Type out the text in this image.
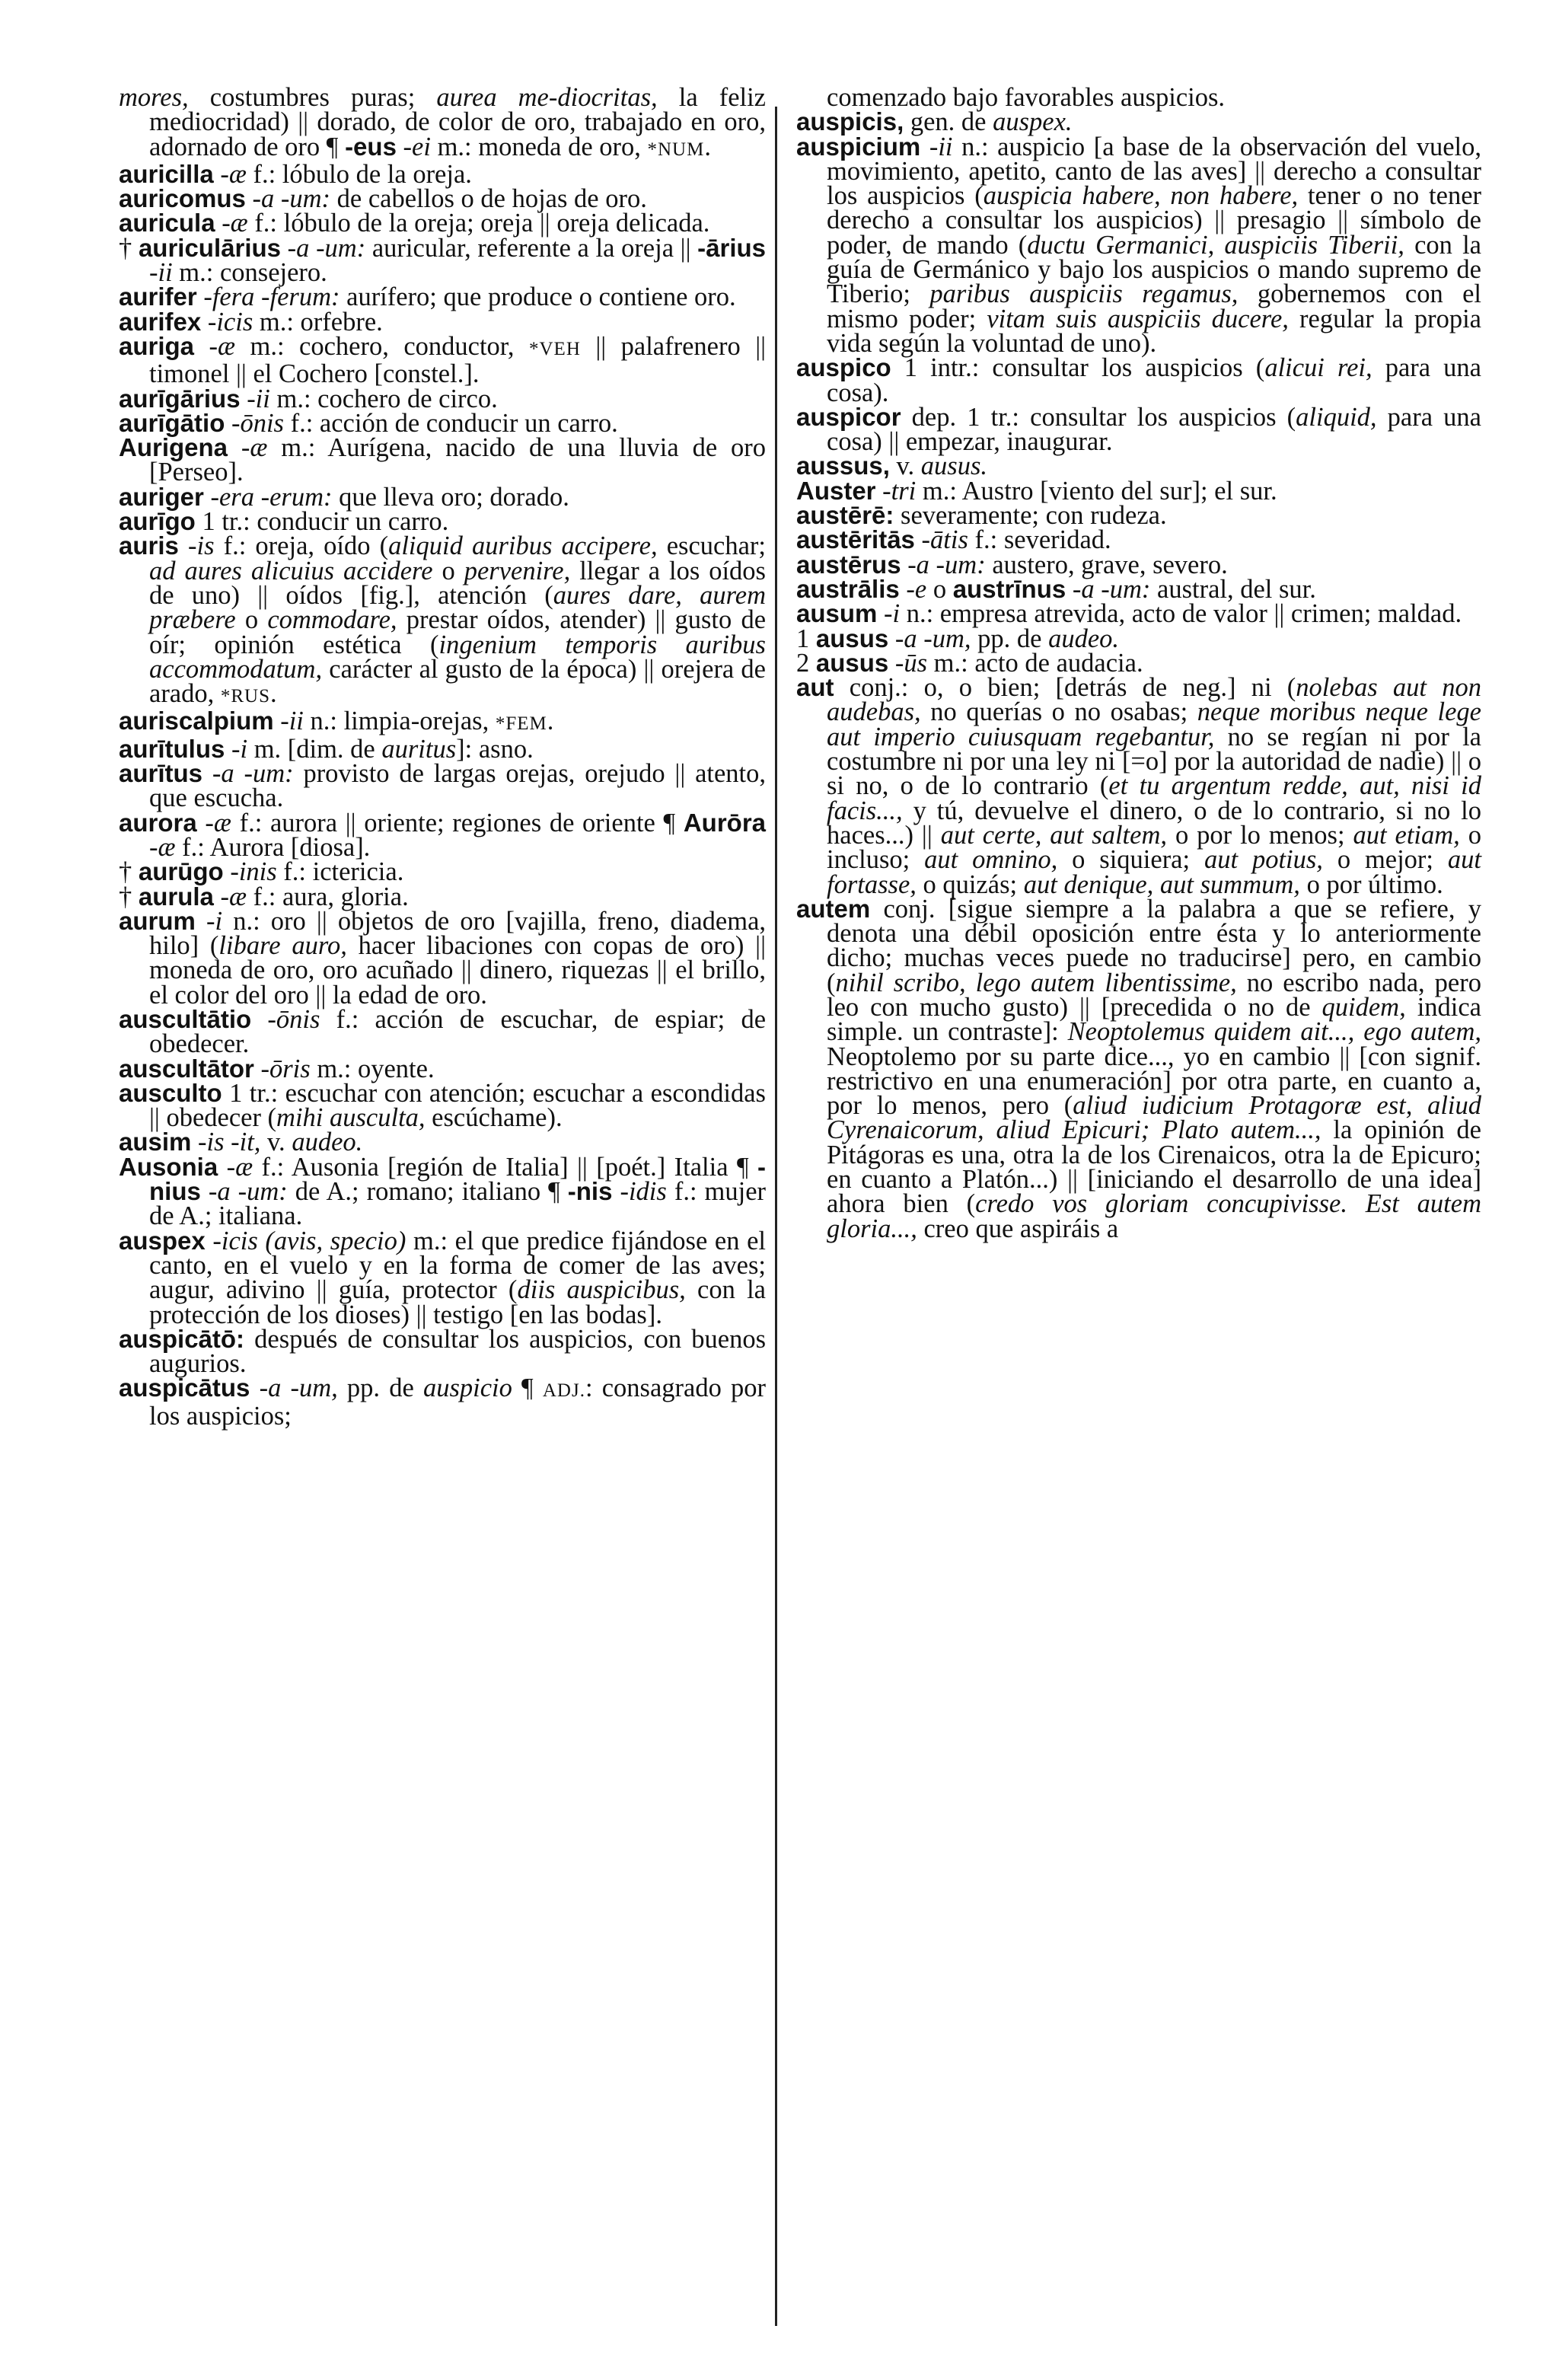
mores, costumbres puras; aurea me-diocritas, la feliz mediocridad) || dorado, de color de oro, trabajado en oro, adornado de oro ¶ -eus -ei m.: moneda de oro, *NUM.

auricilla -æ f.: lóbulo de la oreja.

auricomus -a -um: de cabellos o de hojas de oro.

auricula -æ f.: lóbulo de la oreja; oreja || oreja delicada.

† auriculārius -a -um: auricular, referente a la oreja || -ārius -ii m.: consejero.

aurifer -fera -ferum: aurífero; que produce o contiene oro.

aurifex -icis m.: orfebre.

auriga -æ m.: cochero, conductor, *VEH || palafrenero || timonel || el Cochero [constel.].

aurīgārius -ii m.: cochero de circo.

aurīgātio -ōnis f.: acción de conducir un carro.

Aurigena -æ m.: Aurígena, nacido de una lluvia de oro [Perseo].

auriger -era -erum: que lleva oro; dorado.

aurīgo 1 tr.: conducir un carro.

auris -is f.: oreja, oído (aliquid auribus accipere, escuchar; ad aures alicuius accidere o pervenire, llegar a los oídos de uno) || oídos [fig.], atención (aures dare, aurem præbere o commodare, prestar oídos, atender) || gusto de oír; opinión estética (ingenium temporis auribus accommodatum, carácter al gusto de la época) || orejera de arado, *RUS.

auriscalpium -ii n.: limpia-orejas, *FEM.

aurītulus -i m. [dim. de auritus]: asno.

aurītus -a -um: provisto de largas orejas, orejudo || atento, que escucha.

aurora -æ f.: aurora || oriente; regiones de oriente ¶ Aurōra -æ f.: Aurora [diosa].

† aurūgo -inis f.: ictericia.

† aurula -æ f.: aura, gloria.

aurum -i n.: oro || objetos de oro [vajilla, freno, diadema, hilo] (libare auro, hacer libaciones con copas de oro) || moneda de oro, oro acuñado || dinero, riquezas || el brillo, el color del oro || la edad de oro.

auscultātio -ōnis f.: acción de escuchar, de espiar; de obedecer.

auscultātor -ōris m.: oyente.

ausculto 1 tr.: escuchar con atención; escuchar a escondidas || obedecer (mihi ausculta, escúchame).

ausim -is -it, v. audeo.

Ausonia -æ f.: Ausonia [región de Italia] || [poét.] Italia ¶ -nius -a -um: de A.; romano; italiano ¶ -nis -idis f.: mujer de A.; italiana.

auspex -icis (avis, specio) m.: el que predice fijándose en el canto, en el vuelo y en la forma de comer de las aves; augur, adivino || guía, protector (diis auspicibus, con la protección de los dioses) || testigo [en las bodas].

auspicātō: después de consultar los auspicios, con buenos augurios.

auspicātus -a -um, pp. de auspicio ¶ ADJ.: consagrado por los auspicios;

comenzado bajo favorables auspicios.

auspicis, gen. de auspex.

auspicium -ii n.: auspicio [a base de la observación del vuelo, movimiento, apetito, canto de las aves] || derecho a consultar los auspicios (auspicia habere, non habere, tener o no tener derecho a consultar los auspicios) || presagio || símbolo de poder, de mando (ductu Germanici, auspiciis Tiberii, con la guía de Germánico y bajo los auspicios o mando supremo de Tiberio; paribus auspiciis regamus, gobernemos con el mismo poder; vitam suis auspiciis ducere, regular la propia vida según la voluntad de uno).

auspico 1 intr.: consultar los auspicios (alicui rei, para una cosa).

auspicor dep. 1 tr.: consultar los auspicios (aliquid, para una cosa) || empezar, inaugurar.

aussus, v. ausus.

Auster -tri m.: Austro [viento del sur]; el sur.

austērē: severamente; con rudeza.

austēritās -ātis f.: severidad.

austērus -a -um: austero, grave, severo.

austrālis -e o austrīnus -a -um: austral, del sur.

ausum -i n.: empresa atrevida, acto de valor || crimen; maldad.

1 ausus -a -um, pp. de audeo.

2 ausus -ūs m.: acto de audacia.

aut conj.: o, o bien; [detrás de neg.] ni (nolebas aut non audebas, no querías o no osabas; neque moribus neque lege aut imperio cuiusquam regebantur, no se regían ni por la costumbre ni por una ley ni [=o] por la autoridad de nadie) || o si no, o de lo contrario (et tu argentum redde, aut, nisi id facis..., y tú, devuelve el dinero, o de lo contrario, si no lo haces...) || aut certe, aut saltem, o por lo menos; aut etiam, o incluso; aut omnino, o siquiera; aut potius, o mejor; aut fortasse, o quizás; aut denique, aut summum, o por último.

autem conj. [sigue siempre a la palabra a que se refiere, y denota una débil oposición entre ésta y lo anteriormente dicho; muchas veces puede no traducirse] pero, en cambio (nihil scribo, lego autem libentissime, no escribo nada, pero leo con mucho gusto) || [precedida o no de quidem, indica simple. un contraste]: Neoptolemus quidem ait..., ego autem, Neoptolemo por su parte dice..., yo en cambio || [con signif. restrictivo en una enumeración] por otra parte, en cuanto a, por lo menos, pero (aliud iudicium Protagoræ est, aliud Cyrenaicorum, aliud Epicuri; Plato autem..., la opinión de Pitágoras es una, otra la de los Cirenaicos, otra la de Epicuro; en cuanto a Platón...) || [iniciando el desarrollo de una idea] ahora bien (credo vos gloriam concupivisse. Est autem gloria..., creo que aspiráis a
